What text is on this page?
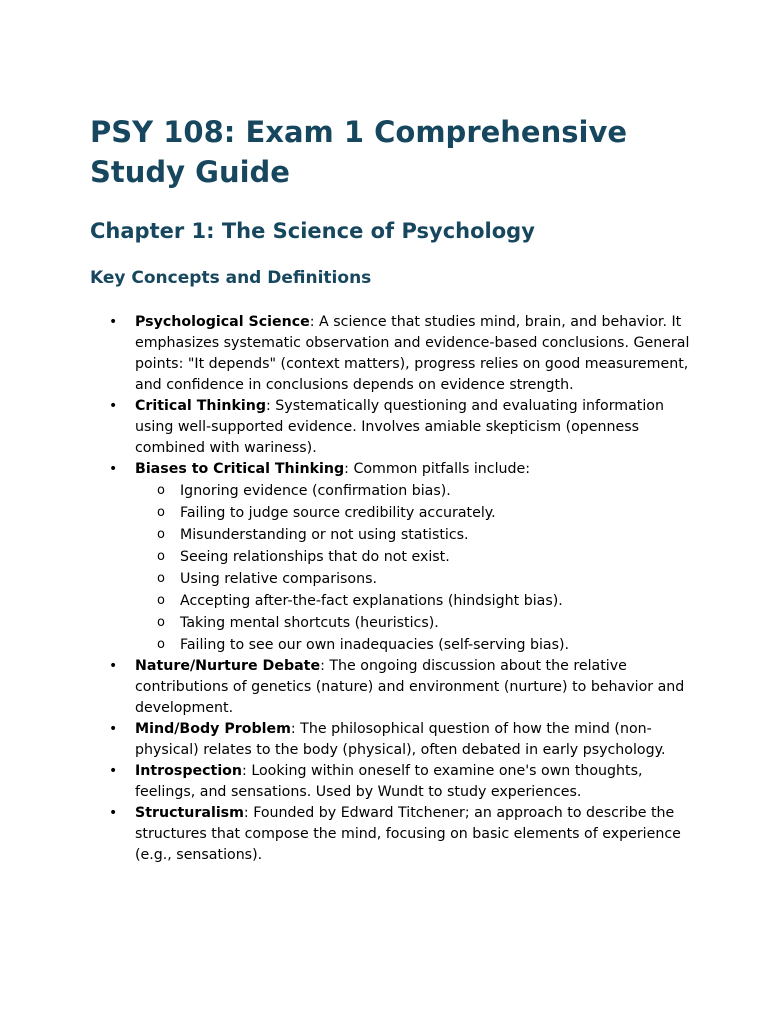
PSY 108: Exam 1 Comprehensive Study Guide
Chapter 1: The Science of Psychology
Key Concepts and Definitions
• Psychological Science: A science that studies mind, brain, and behavior. It emphasizes systematic observation and evidence-based conclusions. General points: "It depends" (context matters), progress relies on good measurement, and confidence in conclusions depends on evidence strength.
• Critical Thinking: Systematically questioning and evaluating information using well-supported evidence. Involves amiable skepticism (openness combined with wariness).
• Biases to Critical Thinking: Common pitfalls include:
o Ignoring evidence (confirmation bias).
o Failing to judge source credibility accurately.
o Misunderstanding or not using statistics.
o Seeing relationships that do not exist.
o Using relative comparisons.
o Accepting after-the-fact explanations (hindsight bias).
o Taking mental shortcuts (heuristics).
o Failing to see our own inadequacies (self-serving bias).
• Nature/Nurture Debate: The ongoing discussion about the relative contributions of genetics (nature) and environment (nurture) to behavior and development.
• Mind/Body Problem: The philosophical question of how the mind (non-physical) relates to the body (physical), often debated in early psychology.
• Introspection: Looking within oneself to examine one's own thoughts, feelings, and sensations. Used by Wundt to study experiences.
• Structuralism: Founded by Edward Titchener; an approach to describe the structures that compose the mind, focusing on basic elements of experience (e.g., sensations).
